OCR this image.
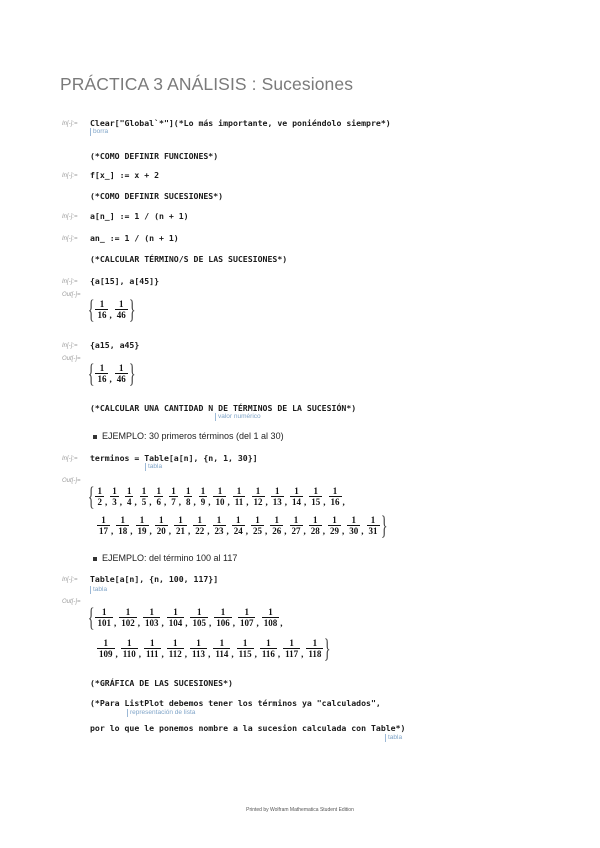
PRÁCTICA 3 ANÁLISIS : Sucesiones
In[-]:= Clear["Global`*"](*Lo más importante, ve poniéndolo siempre*)
borra
(*COMO DEFINIR FUNCIONES*)
In[-]:= f[x_] := x + 2
(*COMO DEFINIR SUCESIONES*)
In[-]:= a[n_] := 1 / (n + 1)
In[-]:= an_ := 1 / (n + 1)
(*CALCULAR TÉRMINO/S DE LAS SUCESIONES*)
In[-]:= {a[15], a[45]}
Out[-]= { $\frac{1}{16}$ , $\frac{1}{46}$ }
In[-]:= {a15, a45}
Out[-]= { $\frac{1}{16}$ , $\frac{1}{46}$ }
(*CALCULAR UNA CANTIDAD N DE TÉRMINOS DE LA SUCESIÓN*)
valor numérico
EJEMPLO: 30 primeros términos (del 1 al 30)
In[-]:= terminos = Table[a[n], {n, 1, 30}]
tabla
Out[-]=
{ $\frac{1}{2}$ , $\frac{1}{3}$ , $\frac{1}{4}$ , $\frac{1}{5}$ , $\frac{1}{6}$ , $\frac{1}{7}$ , $\frac{1}{8}$ , $\frac{1}{9}$ , $\frac{1}{10}$ , $\frac{1}{11}$ , $\frac{1}{12}$ , $\frac{1}{13}$ , $\frac{1}{14}$ , $\frac{1}{15}$ , $\frac{1}{16}$ ,
$\frac{1}{17}$ , $\frac{1}{18}$ , $\frac{1}{19}$ , $\frac{1}{20}$ , $\frac{1}{21}$ , $\frac{1}{22}$ , $\frac{1}{23}$ , $\frac{1}{24}$ , $\frac{1}{25}$ , $\frac{1}{26}$ , $\frac{1}{27}$ , $\frac{1}{28}$ , $\frac{1}{29}$ , $\frac{1}{30}$ , $\frac{1}{31}$ }
EJEMPLO: del término 100 al 117
In[-]:= Table[a[n], {n, 100, 117}]
tabla
Out[-]=
{ $\frac{1}{101}$ , $\frac{1}{102}$ , $\frac{1}{103}$ , $\frac{1}{104}$ , $\frac{1}{105}$ , $\frac{1}{106}$ , $\frac{1}{107}$ , $\frac{1}{108}$ ,
$\frac{1}{109}$ , $\frac{1}{110}$ , $\frac{1}{111}$ , $\frac{1}{112}$ , $\frac{1}{113}$ , $\frac{1}{114}$ , $\frac{1}{115}$ , $\frac{1}{116}$ , $\frac{1}{117}$ , $\frac{1}{118}$ }
(*GRÁFICA DE LAS SUCESIONES*)
(*Para ListPlot debemos tener los términos ya "calculados",
representación de lista
por lo que le ponemos nombre a la sucesion calculada con Table*)
tabla
Printed by Wolfram Mathematica Student Edition
